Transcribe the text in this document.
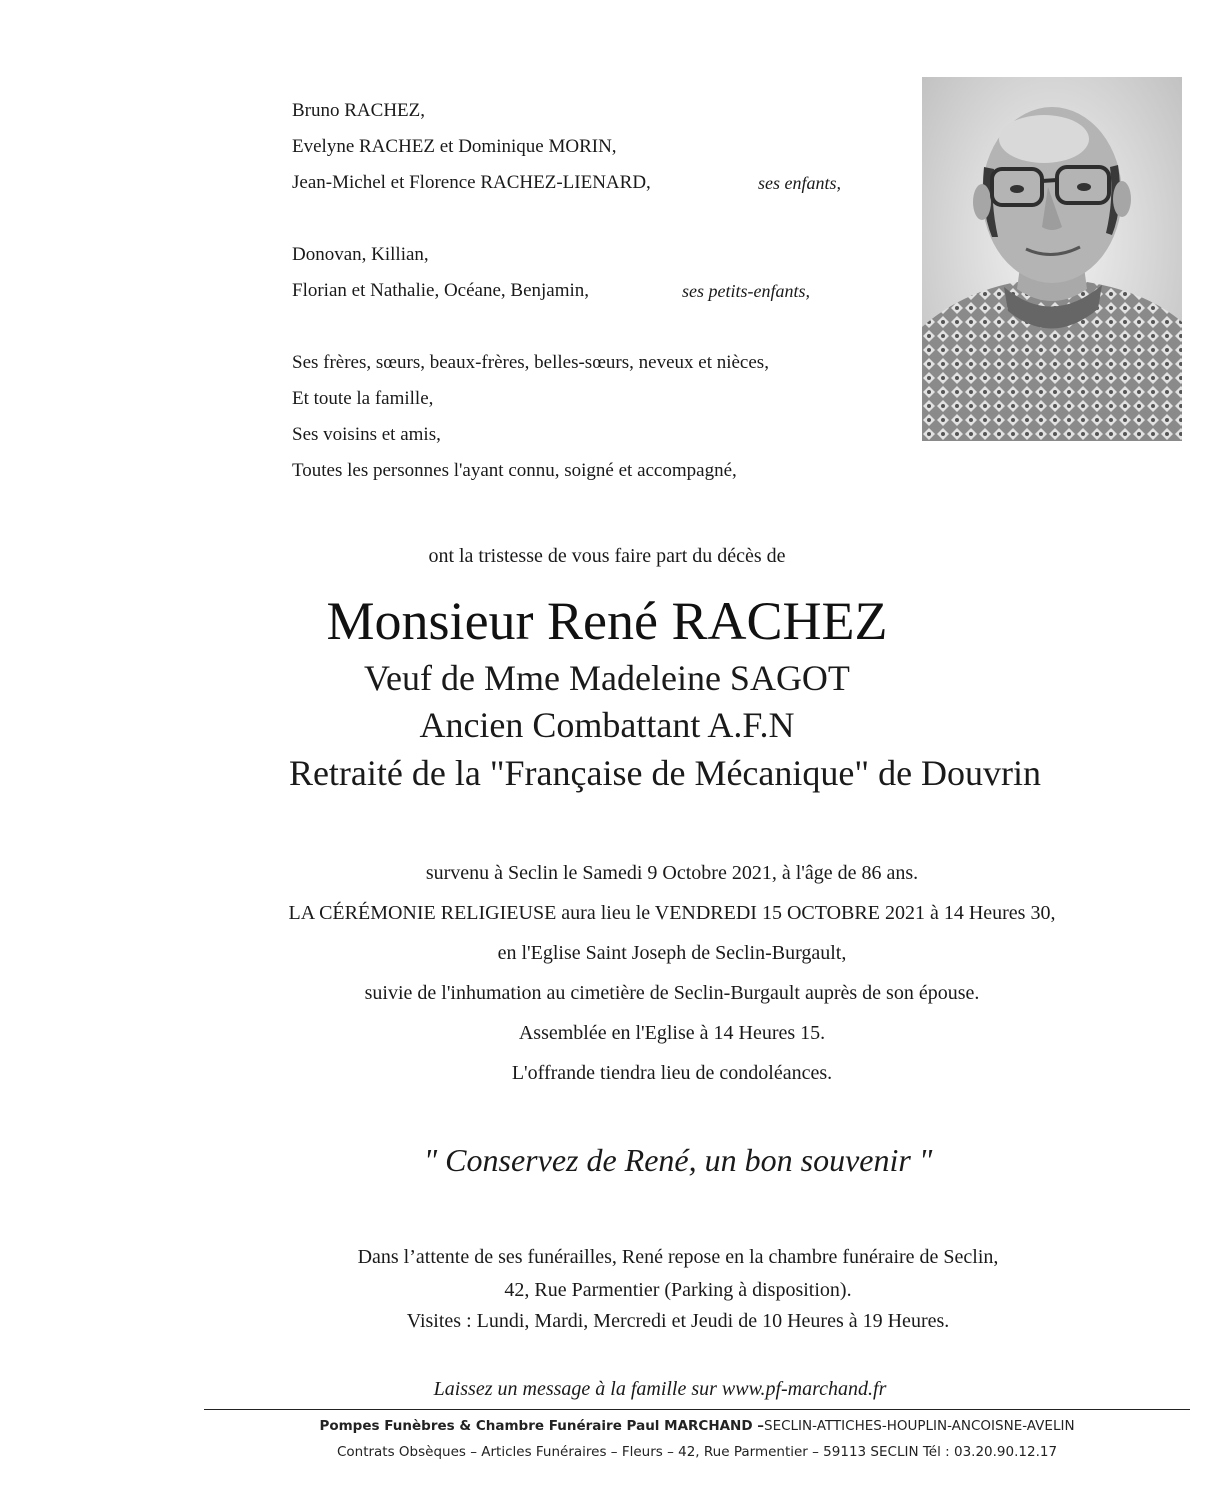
Bruno RACHEZ,
Evelyne RACHEZ et Dominique MORIN,
Jean-Michel et Florence RACHEZ-LIENARD,	ses enfants,
Donovan, Killian,
Florian et Nathalie, Océane, Benjamin,	ses petits-enfants,
Ses frères, sœurs, beaux-frères, belles-sœurs, neveux et nièces,
Et toute la famille,
Ses voisins et amis,
Toutes les personnes l'ayant connu, soigné et accompagné,
ont la tristesse de vous faire part du décès de
Monsieur René RACHEZ
Veuf de Mme Madeleine SAGOT
Ancien Combattant A.F.N
Retraité de la "Française de Mécanique" de Douvrin
survenu à Seclin le Samedi 9 Octobre 2021, à l'âge de 86 ans.
LA CÉRÉMONIE RELIGIEUSE aura lieu le VENDREDI 15 OCTOBRE 2021 à 14 Heures 30,
en l'Eglise Saint Joseph de Seclin-Burgault,
suivie de l'inhumation au cimetière de Seclin-Burgault auprès de son épouse.
Assemblée en l'Eglise à 14 Heures 15.
L'offrande tiendra lieu de condoléances.
" Conservez de René, un bon souvenir "
Dans l’attente de ses funérailles, René repose en la chambre funéraire de Seclin,
42, Rue Parmentier (Parking à disposition).
Visites : Lundi, Mardi, Mercredi et Jeudi de 10 Heures à 19 Heures.
Laissez un message à la famille sur www.pf-marchand.fr
Pompes Funèbres & Chambre Funéraire Paul MARCHAND –SECLIN-ATTICHES-HOUPLIN-ANCOISNE-AVELIN
Contrats Obsèques – Articles Funéraires – Fleurs – 42, Rue Parmentier – 59113 SECLIN Tél : 03.20.90.12.17
